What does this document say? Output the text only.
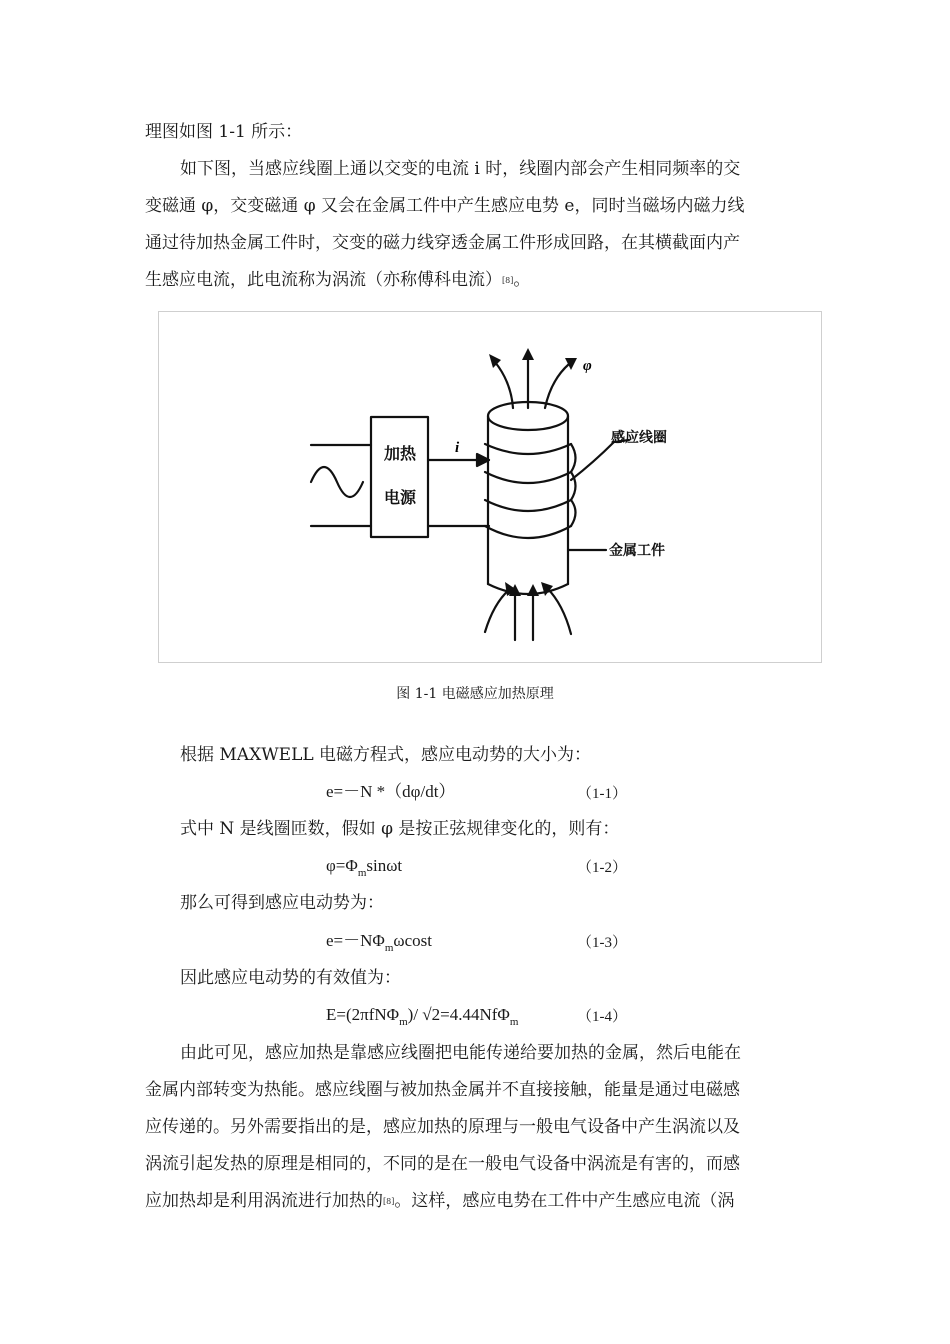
理图如图 1-1 所示：
如下图，当感应线圈上通以交变的电流 i 时，线圈内部会产生相同频率的交
变磁通 φ，交变磁通 φ 又会在金属工件中产生感应电势 e，同时当磁场内磁力线
通过待加热金属工件时，交变的磁力线穿透金属工件形成回路，在其横截面内产
生感应电流，此电流称为涡流（亦称傅科电流）[8]。
加热
电源
i
φ
感应线圈
金属工件
图 1-1 电磁感应加热原理
根据 MAXWELL 电磁方程式，感应电动势的大小为：
e=－N *（dφ/dt）	（1-1）
式中 N 是线圈匝数，假如 φ 是按正弦规律变化的，则有：
$\varphi=\Phi_m\sin\omega t$	（1-2）
那么可得到感应电动势为：
$e=-N\Phi_m\omega\cos t$	（1-3）
因此感应电动势的有效值为：
E=(2πfNΦ$_m$)/ √2=4.44NfΦ$_m$	（1-4）
由此可见，感应加热是靠感应线圈把电能传递给要加热的金属，然后电能在
金属内部转变为热能。感应线圈与被加热金属并不直接接触，能量是通过电磁感
应传递的。另外需要指出的是，感应加热的原理与一般电气设备中产生涡流以及
涡流引起发热的原理是相同的，不同的是在一般电气设备中涡流是有害的，而感
应加热却是利用涡流进行加热的[8]。这样，感应电势在工件中产生感应电流（涡
